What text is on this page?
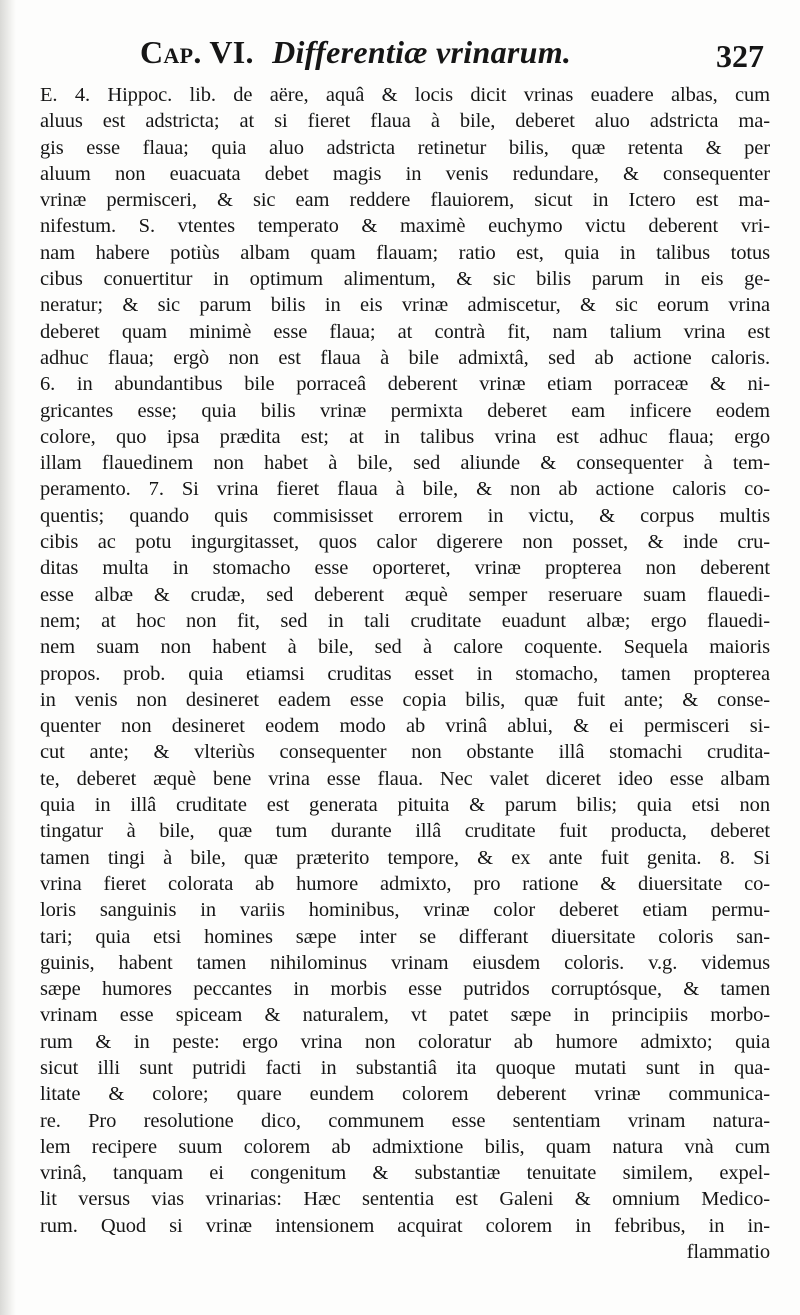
Cap. VI. Differentiæ vrinarum.	327
E. 4. Hippoc. lib. de aëre, aquâ & locis dicit vrinas euadere albas, cum
aluus est adstricta; at si fieret flaua à bile, deberet aluo adstricta ma-
gis esse flaua; quia aluo adstricta retinetur bilis, quæ retenta & per
aluum non euacuata debet magis in venis redundare, & consequenter
vrinæ permisceri, & sic eam reddere flauiorem, sicut in Ictero est ma-
nifestum. S. vtentes temperato & maximè euchymo victu deberent vri-
nam habere potiùs albam quam flauam; ratio est, quia in talibus totus
cibus conuertitur in optimum alimentum, & sic bilis parum in eis ge-
neratur; & sic parum bilis in eis vrinæ admiscetur, & sic eorum vrina
deberet quam minimè esse flaua; at contrà fit, nam talium vrina est
adhuc flaua; ergò non est flaua à bile admixtâ, sed ab actione caloris.
6. in abundantibus bile porraceâ deberent vrinæ etiam porraceæ & ni-
gricantes esse; quia bilis vrinæ permixta deberet eam inficere eodem
colore, quo ipsa prædita est; at in talibus vrina est adhuc flaua; ergo
illam flauedinem non habet à bile, sed aliunde & consequenter à tem-
peramento. 7. Si vrina fieret flaua à bile, & non ab actione caloris co-
quentis; quando quis commisisset errorem in victu, & corpus multis
cibis ac potu ingurgitasset, quos calor digerere non posset, & inde cru-
ditas multa in stomacho esse oporteret, vrinæ propterea non deberent
esse albæ & crudæ, sed deberent æquè semper reseruare suam flauedi-
nem; at hoc non fit, sed in tali cruditate euadunt albæ; ergo flauedi-
nem suam non habent à bile, sed à calore coquente. Sequela maioris
propos. prob. quia etiamsi cruditas esset in stomacho, tamen propterea
in venis non desineret eadem esse copia bilis, quæ fuit ante; & conse-
quenter non desineret eodem modo ab vrinâ ablui, & ei permisceri si-
cut ante; & vlteriùs consequenter non obstante illâ stomachi crudita-
te, deberet æquè bene vrina esse flaua. Nec valet diceret ideo esse albam
quia in illâ cruditate est generata pituita & parum bilis; quia etsi non
tingatur à bile, quæ tum durante illâ cruditate fuit producta, deberet
tamen tingi à bile, quæ præterito tempore, & ex ante fuit genita. 8. Si
vrina fieret colorata ab humore admixto, pro ratione & diuersitate co-
loris sanguinis in variis hominibus, vrinæ color deberet etiam permu-
tari; quia etsi homines sæpe inter se differant diuersitate coloris san-
guinis, habent tamen nihilominus vrinam eiusdem coloris. v.g. videmus
sæpe humores peccantes in morbis esse putridos corruptósque, & tamen
vrinam esse spiceam & naturalem, vt patet sæpe in principiis morbo-
rum & in peste: ergo vrina non coloratur ab humore admixto; quia
sicut illi sunt putridi facti in substantiâ ita quoque mutati sunt in qua-
litate & colore; quare eundem colorem deberent vrinæ communica-
re. Pro resolutione dico, communem esse sententiam vrinam natura-
lem recipere suum colorem ab admixtione bilis, quam natura vnà cum
vrinâ, tanquam ei congenitum & substantiæ tenuitate similem, expel-
lit versus vias vrinarias: Hæc sententia est Galeni & omnium Medico-
rum. Quod si vrinæ intensionem acquirat colorem in febribus, in in-
flammatio
